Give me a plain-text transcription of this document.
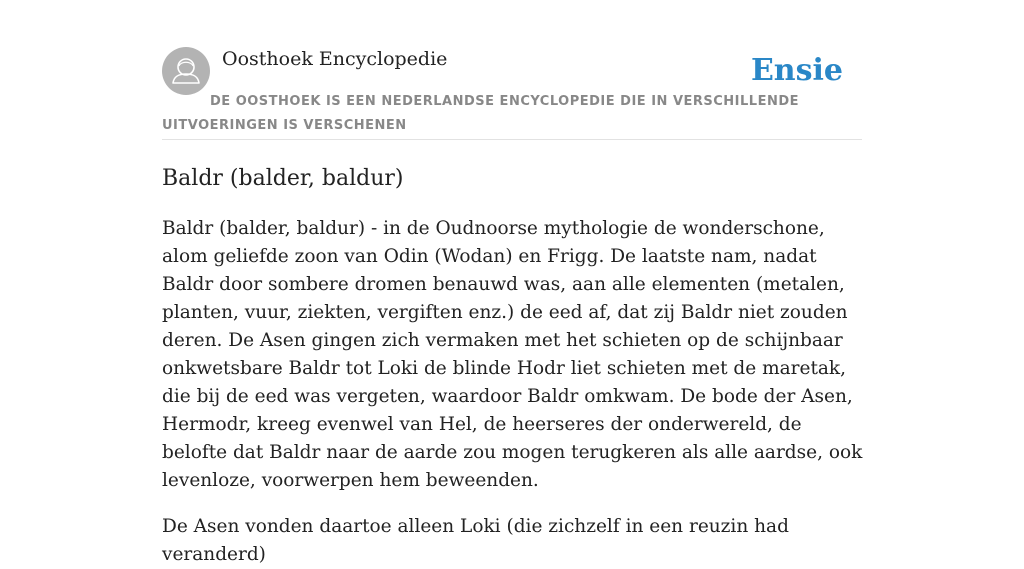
Oosthoek Encyclopedie	Ensie
DE OOSTHOEK IS EEN NEDERLANDSE ENCYCLOPEDIE DIE IN VERSCHILLENDE UITVOERINGEN IS VERSCHENEN
Baldr (balder, baldur)

Baldr (balder, baldur) - in de Oudnoorse mythologie de wonderschone, alom geliefde zoon van Odin (Wodan) en Frigg. De laatste nam, nadat Baldr door sombere dromen benauwd was, aan alle elementen (metalen, planten, vuur, ziekten, vergiften enz.) de eed af, dat zij Baldr niet zouden deren. De Asen gingen zich vermaken met het schieten op de schijnbaar onkwetsbare Baldr tot Loki de blinde Hodr liet schieten met de maretak, die bij de eed was vergeten, waardoor Baldr omkwam. De bode der Asen, Hermodr, kreeg evenwel van Hel, de heerseres der onderwereld, de belofte dat Baldr naar de aarde zou mogen terugkeren als alle aardse, ook levenloze, voorwerpen hem beweenden.

De Asen vonden daartoe alleen Loki (die zichzelf in een reuzin had veranderd)
